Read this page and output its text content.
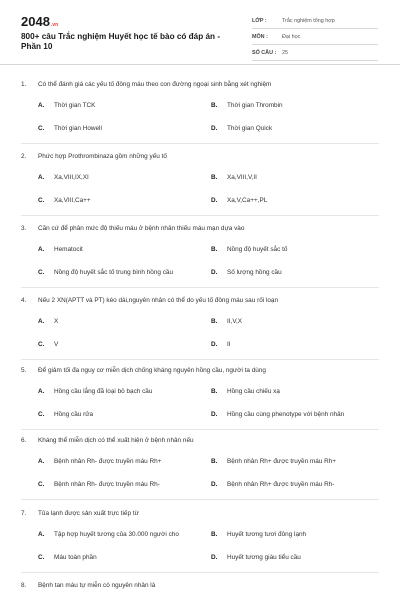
2048.vn
800+ câu Trắc nghiệm Huyết học tế bào có đáp án - Phần 10
LỚP :	Trắc nghiệm tổng hợp
MÔN :	Đại học
SỐ CÂU :	25
1. Có thể đánh giá các yếu tố đông máu theo con đường ngoại sinh bằng xét nghiệm
A. Thời gian TCK	B. Thời gian Thrombin
C. Thời gian Howell	D. Thời gian Quick
2. Phức hợp Prothrombinaza gồm những yếu tố
A. Xa,VIII,IX,XI	B. Xa,VIII,V,II
C. Xa,VIII,Ca++	D. Xa,V,Ca++,PL
3. Căn cứ để phân mức độ thiếu máu ở bệnh nhân thiếu máu mạn dựa vào
A. Hematocit	B. Nồng độ huyết sắc tố
C. Nồng độ huyết sắc tố trung bình hồng cầu	D. Số lượng hồng cầu
4. Nếu 2 XN(APTT và PT) kéo dài,nguyên nhân có thể do yếu tố đông máu sau rối loạn
A. X	B. II,V,X
C. V	D. II
5. Để giảm tối đa nguy cơ miễn dịch chống kháng nguyên hồng cầu, người ta dùng
A. Hồng cầu lắng đã loại bỏ bạch cầu	B. Hồng cầu chiếu xạ
C. Hồng cầu rửa	D. Hồng cầu cùng phenotype với bệnh nhân
6. Kháng thể miễn dịch có thể xuất hiện ở bệnh nhân nếu
A. Bệnh nhân Rh- được truyền máu Rh+	B. Bệnh nhân Rh+ được truyền máu Rh+
C. Bệnh nhân Rh- được truyền máu Rh-	D. Bệnh nhân Rh+ được truyền máu Rh-
7. Tủa lạnh được sản xuất trực tiếp từ
A. Tập hợp huyết tương của 30.000 người cho	B. Huyết tương tươi đông lạnh
C. Máu toàn phần	D. Huyết tương giàu tiểu cầu
8. Bệnh tan máu tự miễn có nguyên nhân là
